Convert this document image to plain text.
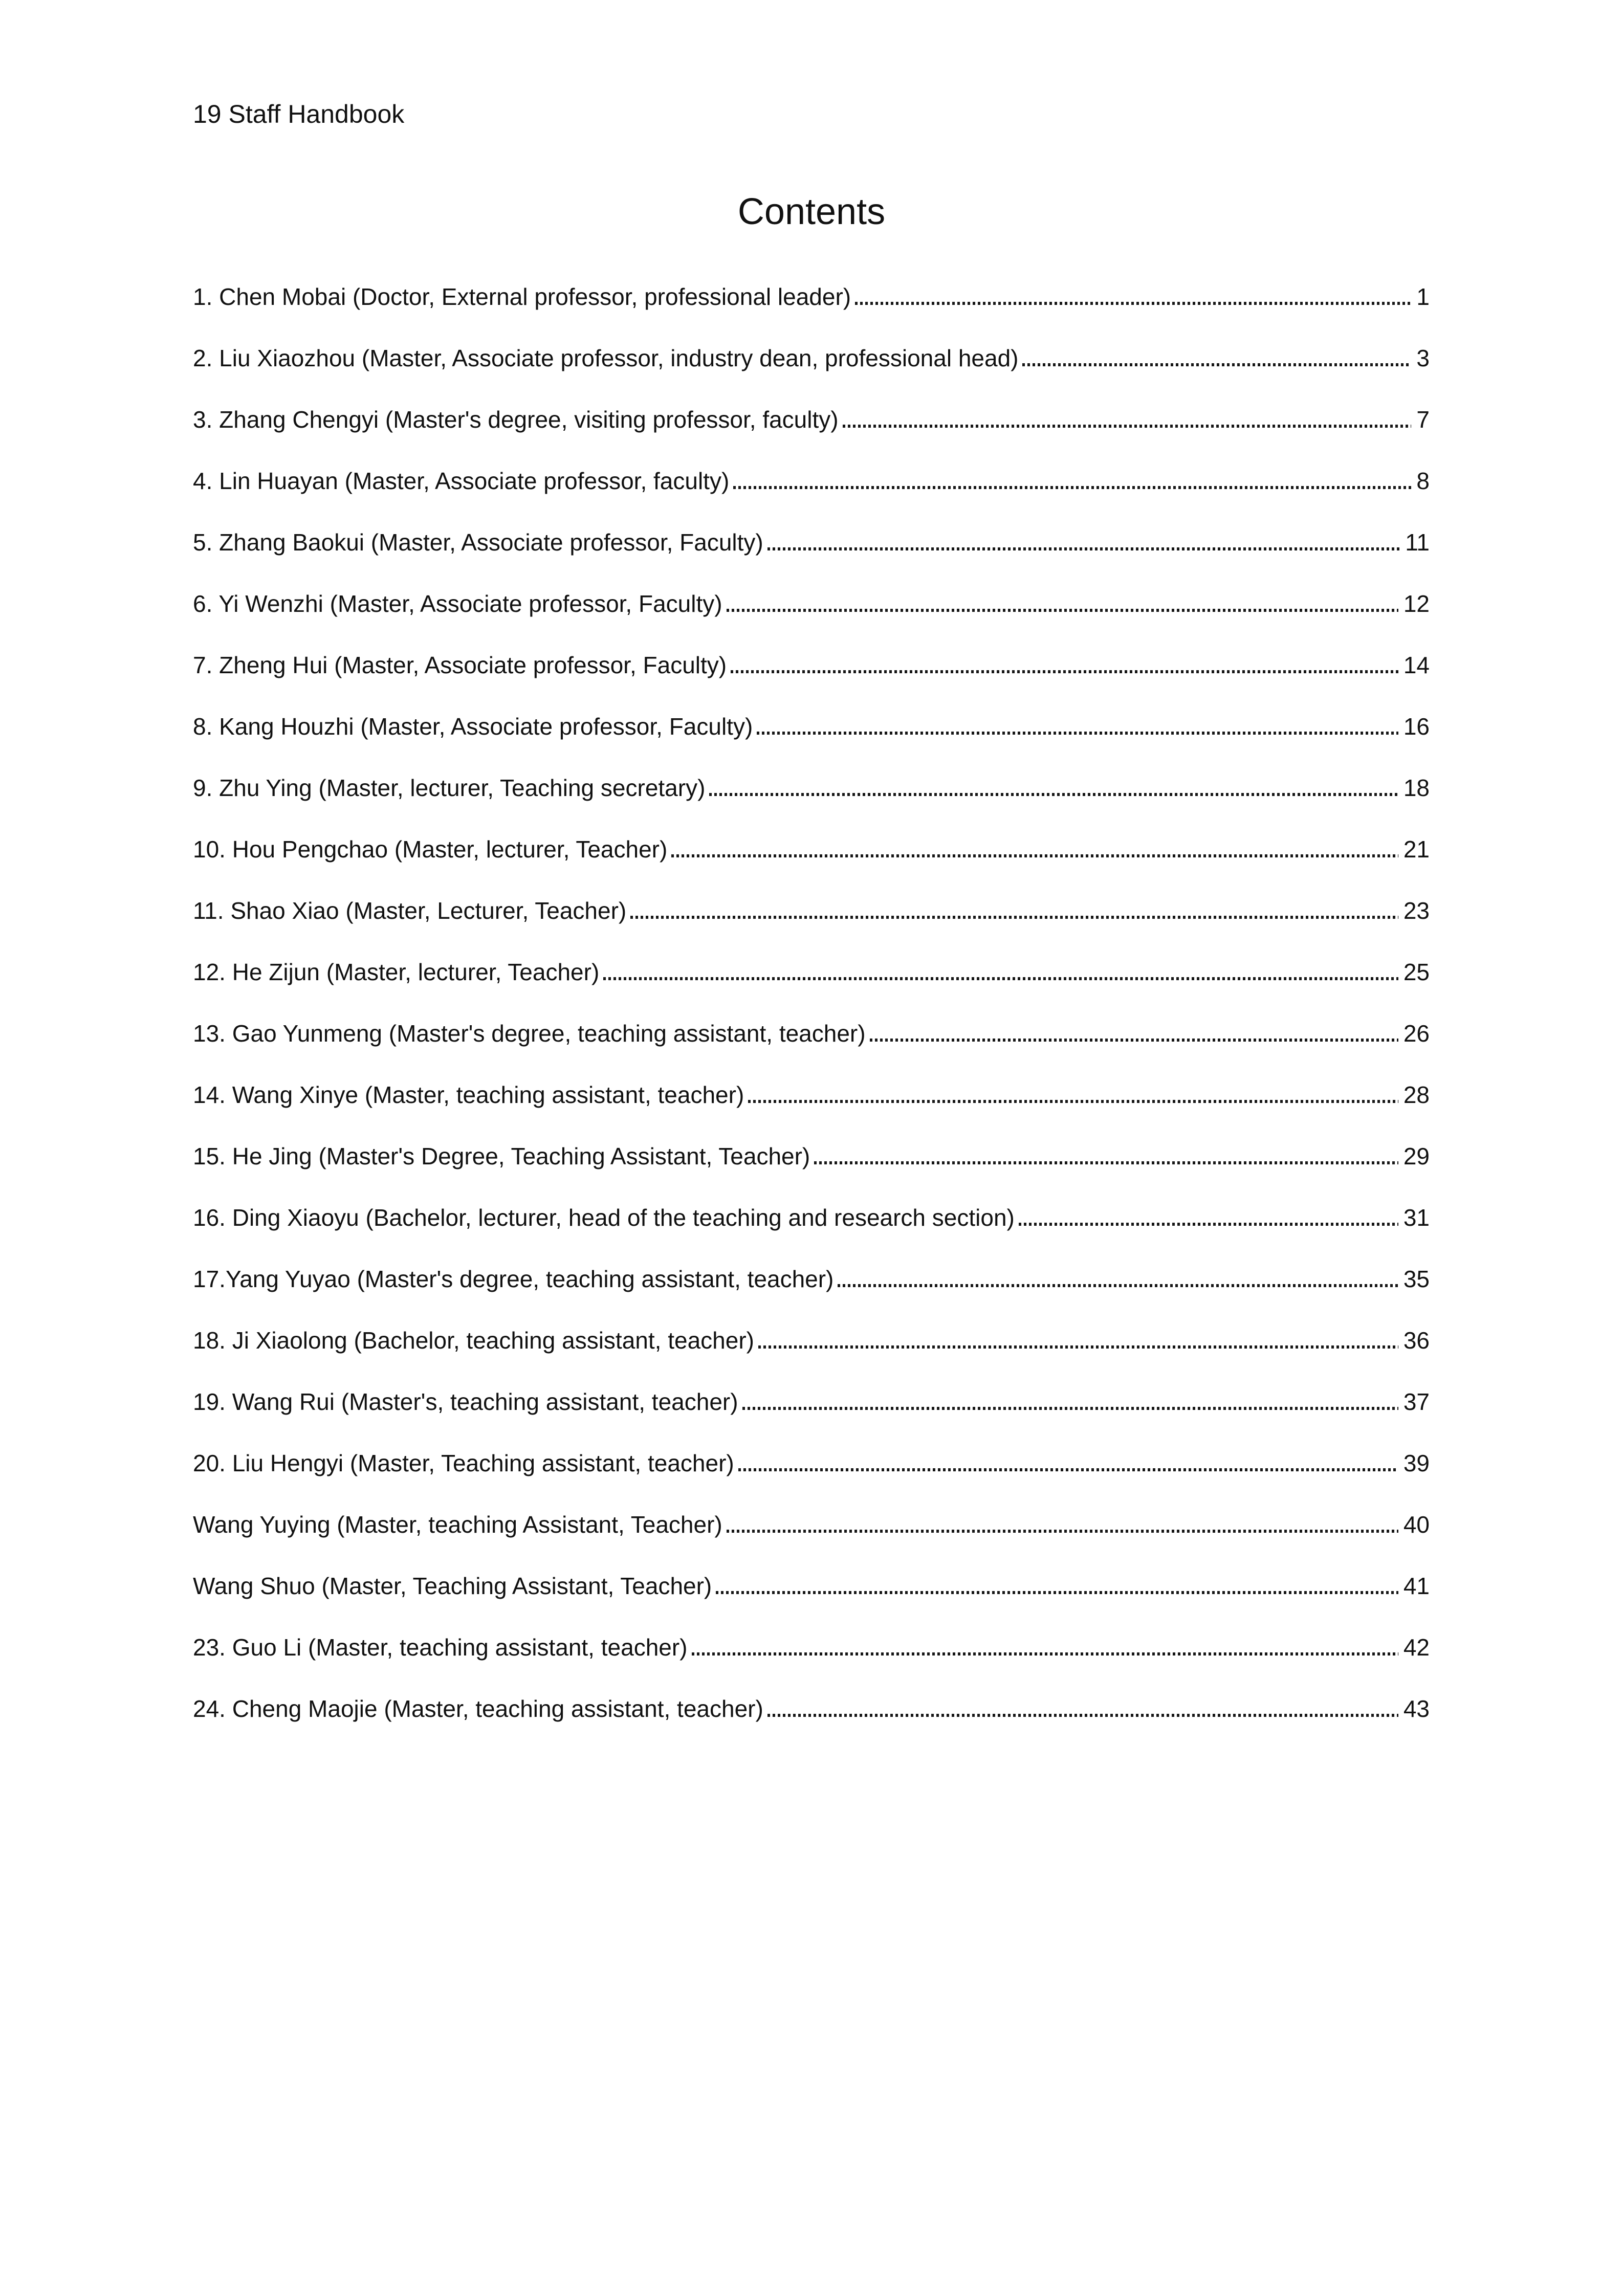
19 Staff Handbook
Contents
1. Chen Mobai (Doctor, External professor, professional leader)	1
2. Liu Xiaozhou (Master, Associate professor, industry dean, professional head)	3
3. Zhang Chengyi (Master's degree, visiting professor, faculty)	7
4. Lin Huayan (Master, Associate professor, faculty)	8
5. Zhang Baokui (Master, Associate professor, Faculty)	11
6. Yi Wenzhi (Master, Associate professor, Faculty)	12
7. Zheng Hui (Master, Associate professor, Faculty)	14
8. Kang Houzhi (Master, Associate professor, Faculty)	16
9. Zhu Ying (Master, lecturer, Teaching secretary)	18
10. Hou Pengchao (Master, lecturer, Teacher)	21
11. Shao Xiao (Master, Lecturer, Teacher)	23
12. He Zijun (Master, lecturer, Teacher)	25
13. Gao Yunmeng (Master's degree, teaching assistant, teacher)	26
14. Wang Xinye (Master, teaching assistant, teacher)	28
15. He Jing (Master's Degree, Teaching Assistant, Teacher)	29
16. Ding Xiaoyu (Bachelor, lecturer, head of the teaching and research section)	31
17.Yang Yuyao (Master's degree, teaching assistant, teacher)	35
18. Ji Xiaolong (Bachelor, teaching assistant, teacher)	36
19. Wang Rui (Master's, teaching assistant, teacher)	37
20. Liu Hengyi (Master, Teaching assistant, teacher)	39
Wang Yuying (Master, teaching Assistant, Teacher)	40
Wang Shuo (Master, Teaching Assistant, Teacher)	41
23. Guo Li (Master, teaching assistant, teacher)	42
24. Cheng Maojie (Master, teaching assistant, teacher)	43
